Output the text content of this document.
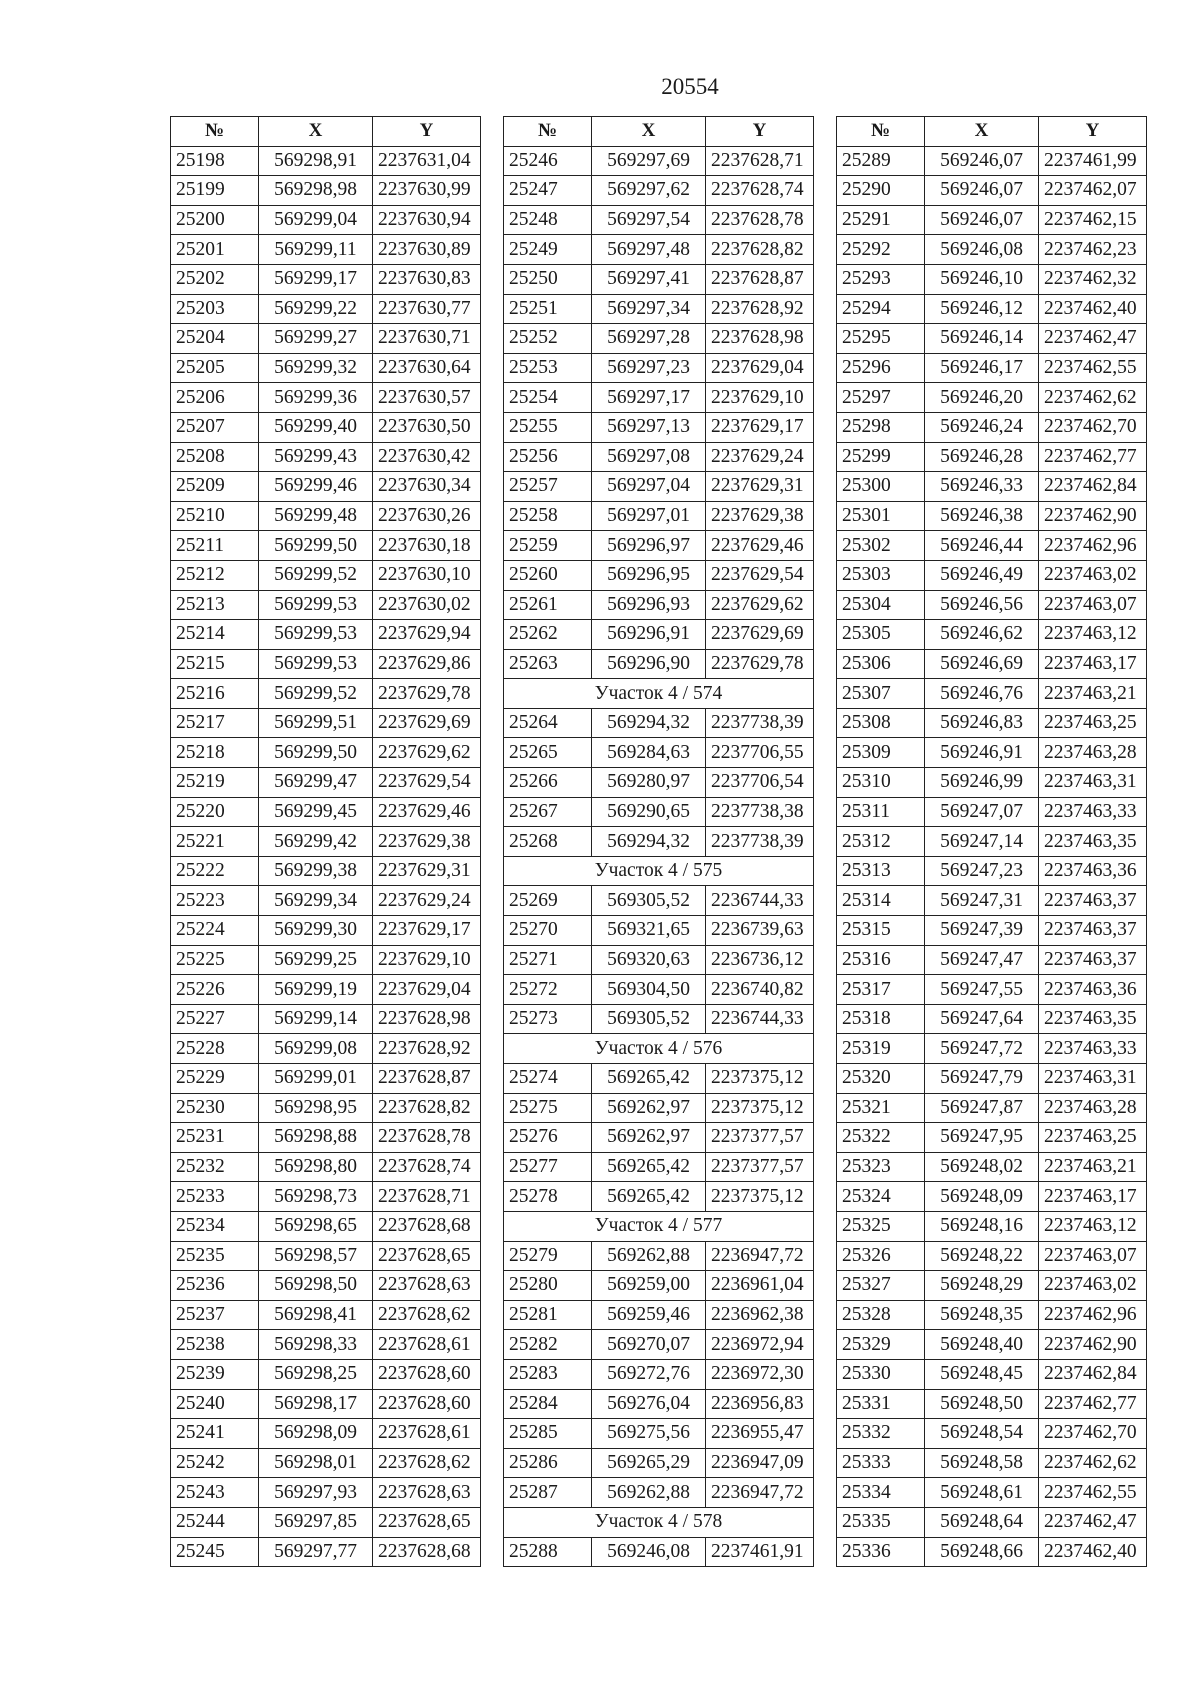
20554
№	X	Y
25198	569298,91	2237631,04
25199	569298,98	2237630,99
25200	569299,04	2237630,94
25201	569299,11	2237630,89
25202	569299,17	2237630,83
25203	569299,22	2237630,77
25204	569299,27	2237630,71
25205	569299,32	2237630,64
25206	569299,36	2237630,57
25207	569299,40	2237630,50
25208	569299,43	2237630,42
25209	569299,46	2237630,34
25210	569299,48	2237630,26
25211	569299,50	2237630,18
25212	569299,52	2237630,10
25213	569299,53	2237630,02
25214	569299,53	2237629,94
25215	569299,53	2237629,86
25216	569299,52	2237629,78
25217	569299,51	2237629,69
25218	569299,50	2237629,62
25219	569299,47	2237629,54
25220	569299,45	2237629,46
25221	569299,42	2237629,38
25222	569299,38	2237629,31
25223	569299,34	2237629,24
25224	569299,30	2237629,17
25225	569299,25	2237629,10
25226	569299,19	2237629,04
25227	569299,14	2237628,98
25228	569299,08	2237628,92
25229	569299,01	2237628,87
25230	569298,95	2237628,82
25231	569298,88	2237628,78
25232	569298,80	2237628,74
25233	569298,73	2237628,71
25234	569298,65	2237628,68
25235	569298,57	2237628,65
25236	569298,50	2237628,63
25237	569298,41	2237628,62
25238	569298,33	2237628,61
25239	569298,25	2237628,60
25240	569298,17	2237628,60
25241	569298,09	2237628,61
25242	569298,01	2237628,62
25243	569297,93	2237628,63
25244	569297,85	2237628,65
25245	569297,77	2237628,68
№	X	Y
25246	569297,69	2237628,71
25247	569297,62	2237628,74
25248	569297,54	2237628,78
25249	569297,48	2237628,82
25250	569297,41	2237628,87
25251	569297,34	2237628,92
25252	569297,28	2237628,98
25253	569297,23	2237629,04
25254	569297,17	2237629,10
25255	569297,13	2237629,17
25256	569297,08	2237629,24
25257	569297,04	2237629,31
25258	569297,01	2237629,38
25259	569296,97	2237629,46
25260	569296,95	2237629,54
25261	569296,93	2237629,62
25262	569296,91	2237629,69
25263	569296,90	2237629,78
Участок 4 / 574		
25264	569294,32	2237738,39
25265	569284,63	2237706,55
25266	569280,97	2237706,54
25267	569290,65	2237738,38
25268	569294,32	2237738,39
Участок 4 / 575		
25269	569305,52	2236744,33
25270	569321,65	2236739,63
25271	569320,63	2236736,12
25272	569304,50	2236740,82
25273	569305,52	2236744,33
Участок 4 / 576		
25274	569265,42	2237375,12
25275	569262,97	2237375,12
25276	569262,97	2237377,57
25277	569265,42	2237377,57
25278	569265,42	2237375,12
Участок 4 / 577		
25279	569262,88	2236947,72
25280	569259,00	2236961,04
25281	569259,46	2236962,38
25282	569270,07	2236972,94
25283	569272,76	2236972,30
25284	569276,04	2236956,83
25285	569275,56	2236955,47
25286	569265,29	2236947,09
25287	569262,88	2236947,72
Участок 4 / 578		
25288	569246,08	2237461,91
№	X	Y
25289	569246,07	2237461,99
25290	569246,07	2237462,07
25291	569246,07	2237462,15
25292	569246,08	2237462,23
25293	569246,10	2237462,32
25294	569246,12	2237462,40
25295	569246,14	2237462,47
25296	569246,17	2237462,55
25297	569246,20	2237462,62
25298	569246,24	2237462,70
25299	569246,28	2237462,77
25300	569246,33	2237462,84
25301	569246,38	2237462,90
25302	569246,44	2237462,96
25303	569246,49	2237463,02
25304	569246,56	2237463,07
25305	569246,62	2237463,12
25306	569246,69	2237463,17
25307	569246,76	2237463,21
25308	569246,83	2237463,25
25309	569246,91	2237463,28
25310	569246,99	2237463,31
25311	569247,07	2237463,33
25312	569247,14	2237463,35
25313	569247,23	2237463,36
25314	569247,31	2237463,37
25315	569247,39	2237463,37
25316	569247,47	2237463,37
25317	569247,55	2237463,36
25318	569247,64	2237463,35
25319	569247,72	2237463,33
25320	569247,79	2237463,31
25321	569247,87	2237463,28
25322	569247,95	2237463,25
25323	569248,02	2237463,21
25324	569248,09	2237463,17
25325	569248,16	2237463,12
25326	569248,22	2237463,07
25327	569248,29	2237463,02
25328	569248,35	2237462,96
25329	569248,40	2237462,90
25330	569248,45	2237462,84
25331	569248,50	2237462,77
25332	569248,54	2237462,70
25333	569248,58	2237462,62
25334	569248,61	2237462,55
25335	569248,64	2237462,47
25336	569248,66	2237462,40
